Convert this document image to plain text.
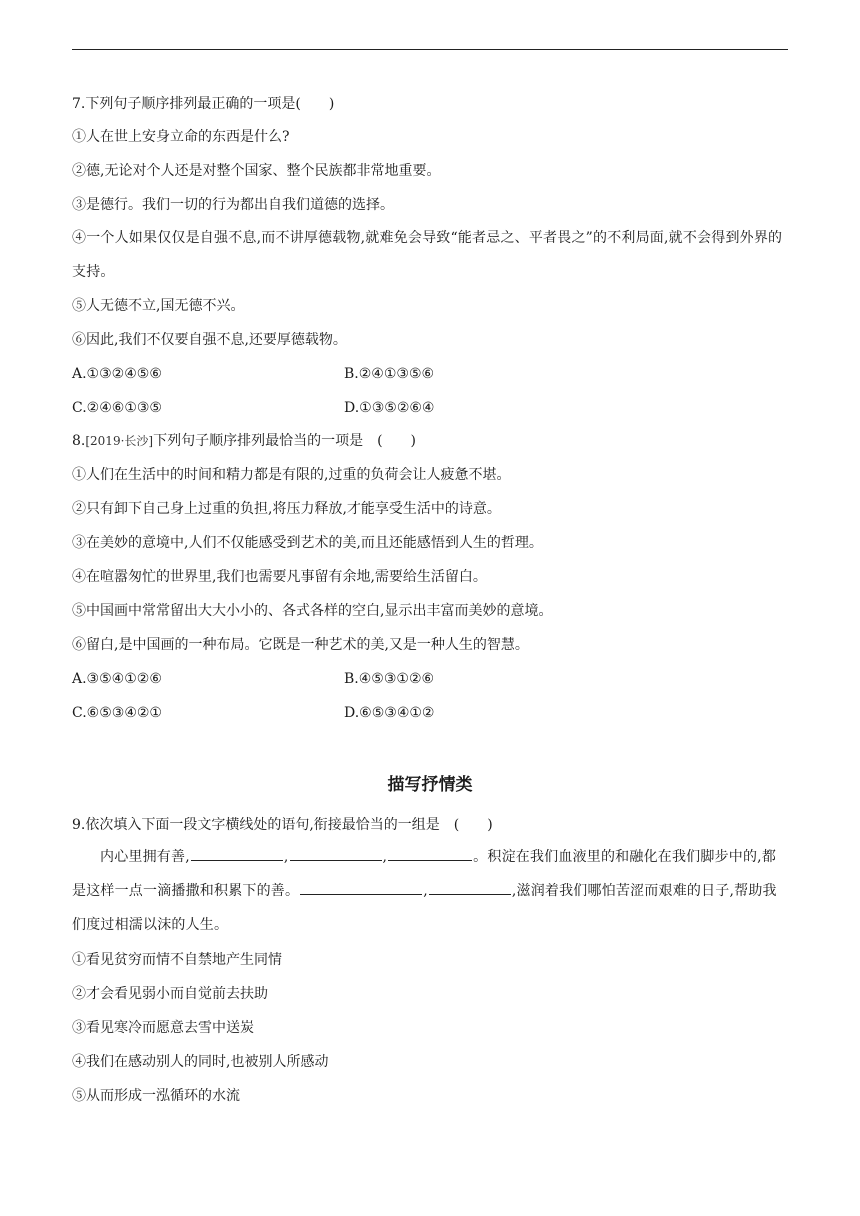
7.下列句子顺序排列最正确的一项是(　　)
①人在世上安身立命的东西是什么?
②德,无论对个人还是对整个国家、整个民族都非常地重要。
③是德行。我们一切的行为都出自我们道德的选择。
④一个人如果仅仅是自强不息,而不讲厚德载物,就难免会导致“能者忌之、平者畏之”的不利局面,就不会得到外界的支持。
⑤人无德不立,国无德不兴。
⑥因此,我们不仅要自强不息,还要厚德载物。
A.①③②④⑤⑥	B.②④①③⑤⑥
C.②④⑥①③⑤	D.①③⑤②⑥④
8.[2019·长沙]下列句子顺序排列最恰当的一项是　(　　)
①人们在生活中的时间和精力都是有限的,过重的负荷会让人疲惫不堪。
②只有卸下自己身上过重的负担,将压力释放,才能享受生活中的诗意。
③在美妙的意境中,人们不仅能感受到艺术的美,而且还能感悟到人生的哲理。
④在喧嚣匆忙的世界里,我们也需要凡事留有余地,需要给生活留白。
⑤中国画中常常留出大大小小的、各式各样的空白,显示出丰富而美妙的意境。
⑥留白,是中国画的一种布局。它既是一种艺术的美,又是一种人生的智慧。
A.③⑤④①②⑥	B.④⑤③①②⑥
C.⑥⑤③④②①	D.⑥⑤③④①②
描写抒情类
9.依次填入下面一段文字横线处的语句,衔接最恰当的一组是　(　　)
内心里拥有善,	,	,	。积淀在我们血液里的和融化在我们脚步中的,都是这样一点一滴播撒和积累下的善。	,	,滋润着我们哪怕苦涩而艰难的日子,帮助我们度过相濡以沫的人生。
①看见贫穷而情不自禁地产生同情
②才会看见弱小而自觉前去扶助
③看见寒冷而愿意去雪中送炭
④我们在感动别人的同时,也被别人所感动
⑤从而形成一泓循环的水流
